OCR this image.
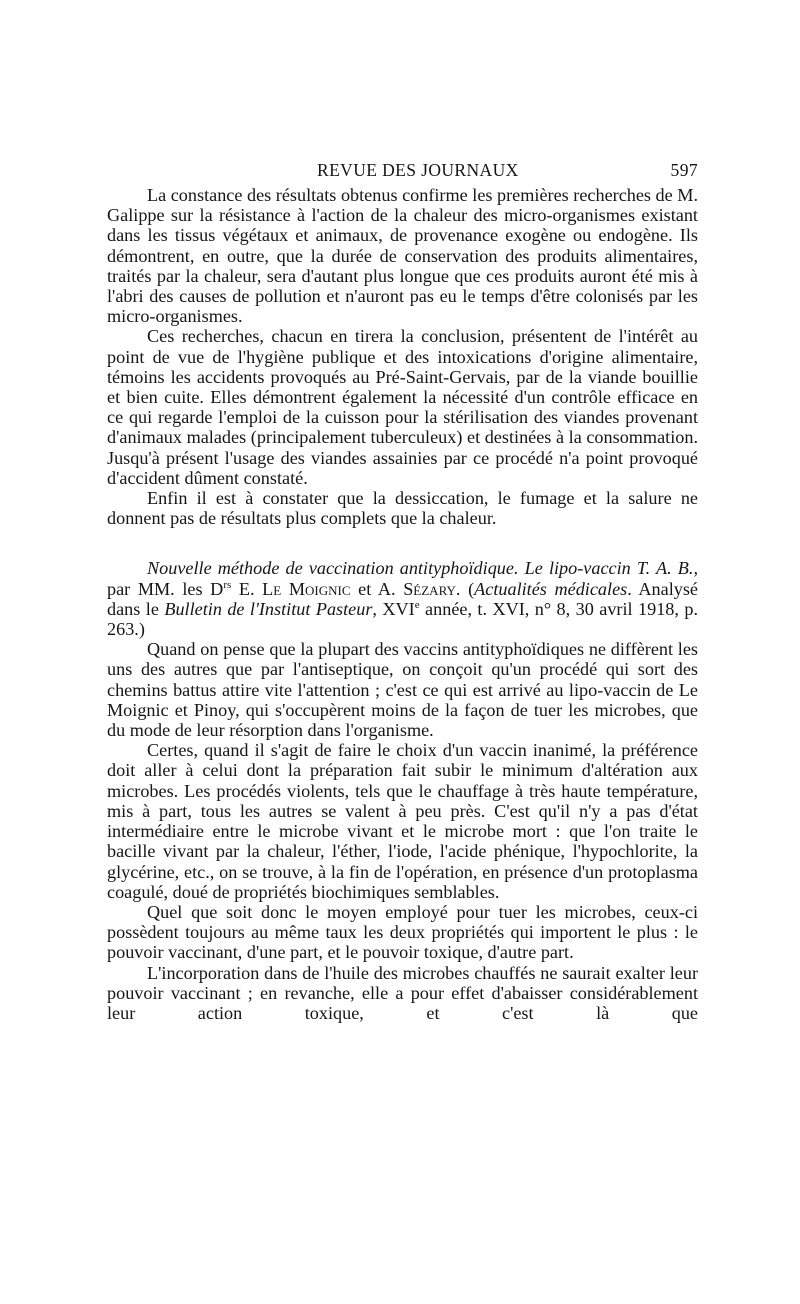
REVUE DES JOURNAUX	597

La constance des résultats obtenus confirme les premières recherches de M. Galippe sur la résistance à l'action de la chaleur des micro-organismes existant dans les tissus végétaux et animaux, de provenance exogène ou endogène. Ils démontrent, en outre, que la durée de conservation des produits alimentaires, traités par la chaleur, sera d'autant plus longue que ces produits auront été mis à l'abri des causes de pollution et n'auront pas eu le temps d'être colonisés par les micro-organismes.

Ces recherches, chacun en tirera la conclusion, présentent de l'intérêt au point de vue de l'hygiène publique et des intoxications d'origine alimentaire, témoins les accidents provoqués au Pré-Saint-Gervais, par de la viande bouillie et bien cuite. Elles démontrent également la nécessité d'un contrôle efficace en ce qui regarde l'emploi de la cuisson pour la stérilisation des viandes provenant d'animaux malades (principalement tuberculeux) et destinées à la consommation. Jusqu'à présent l'usage des viandes assainies par ce procédé n'a point provoqué d'accident dûment constaté.

Enfin il est à constater que la dessiccation, le fumage et la salure ne donnent pas de résultats plus complets que la chaleur.

Nouvelle méthode de vaccination antityphoïdique. Le lipo-vaccin T. A. B., par MM. les $D^{rs}$ E. Le Moignic et A. Sézary. (Actualités médicales. Analysé dans le Bulletin de l'Institut Pasteur, XVIe année, t. XVI, n° 8, 30 avril 1918, p. 263.)

Quand on pense que la plupart des vaccins antityphoïdiques ne diffèrent les uns des autres que par l'antiseptique, on conçoit qu'un procédé qui sort des chemins battus attire vite l'attention ; c'est ce qui est arrivé au lipo-vaccin de Le Moignic et Pinoy, qui s'occupèrent moins de la façon de tuer les microbes, que du mode de leur résorption dans l'organisme.

Certes, quand il s'agit de faire le choix d'un vaccin inanimé, la préférence doit aller à celui dont la préparation fait subir le minimum d'altération aux microbes. Les procédés violents, tels que le chauffage à très haute température, mis à part, tous les autres se valent à peu près. C'est qu'il n'y a pas d'état intermédiaire entre le microbe vivant et le microbe mort : que l'on traite le bacille vivant par la chaleur, l'éther, l'iode, l'acide phénique, l'hypochlorite, la glycérine, etc., on se trouve, à la fin de l'opération, en présence d'un protoplasma coagulé, doué de propriétés biochimiques semblables.

Quel que soit donc le moyen employé pour tuer les microbes, ceux-ci possèdent toujours au même taux les deux propriétés qui importent le plus : le pouvoir vaccinant, d'une part, et le pouvoir toxique, d'autre part.

L'incorporation dans de l'huile des microbes chauffés ne saurait exalter leur pouvoir vaccinant ; en revanche, elle a pour effet d'abaisser considérablement leur action toxique, et c'est là que
